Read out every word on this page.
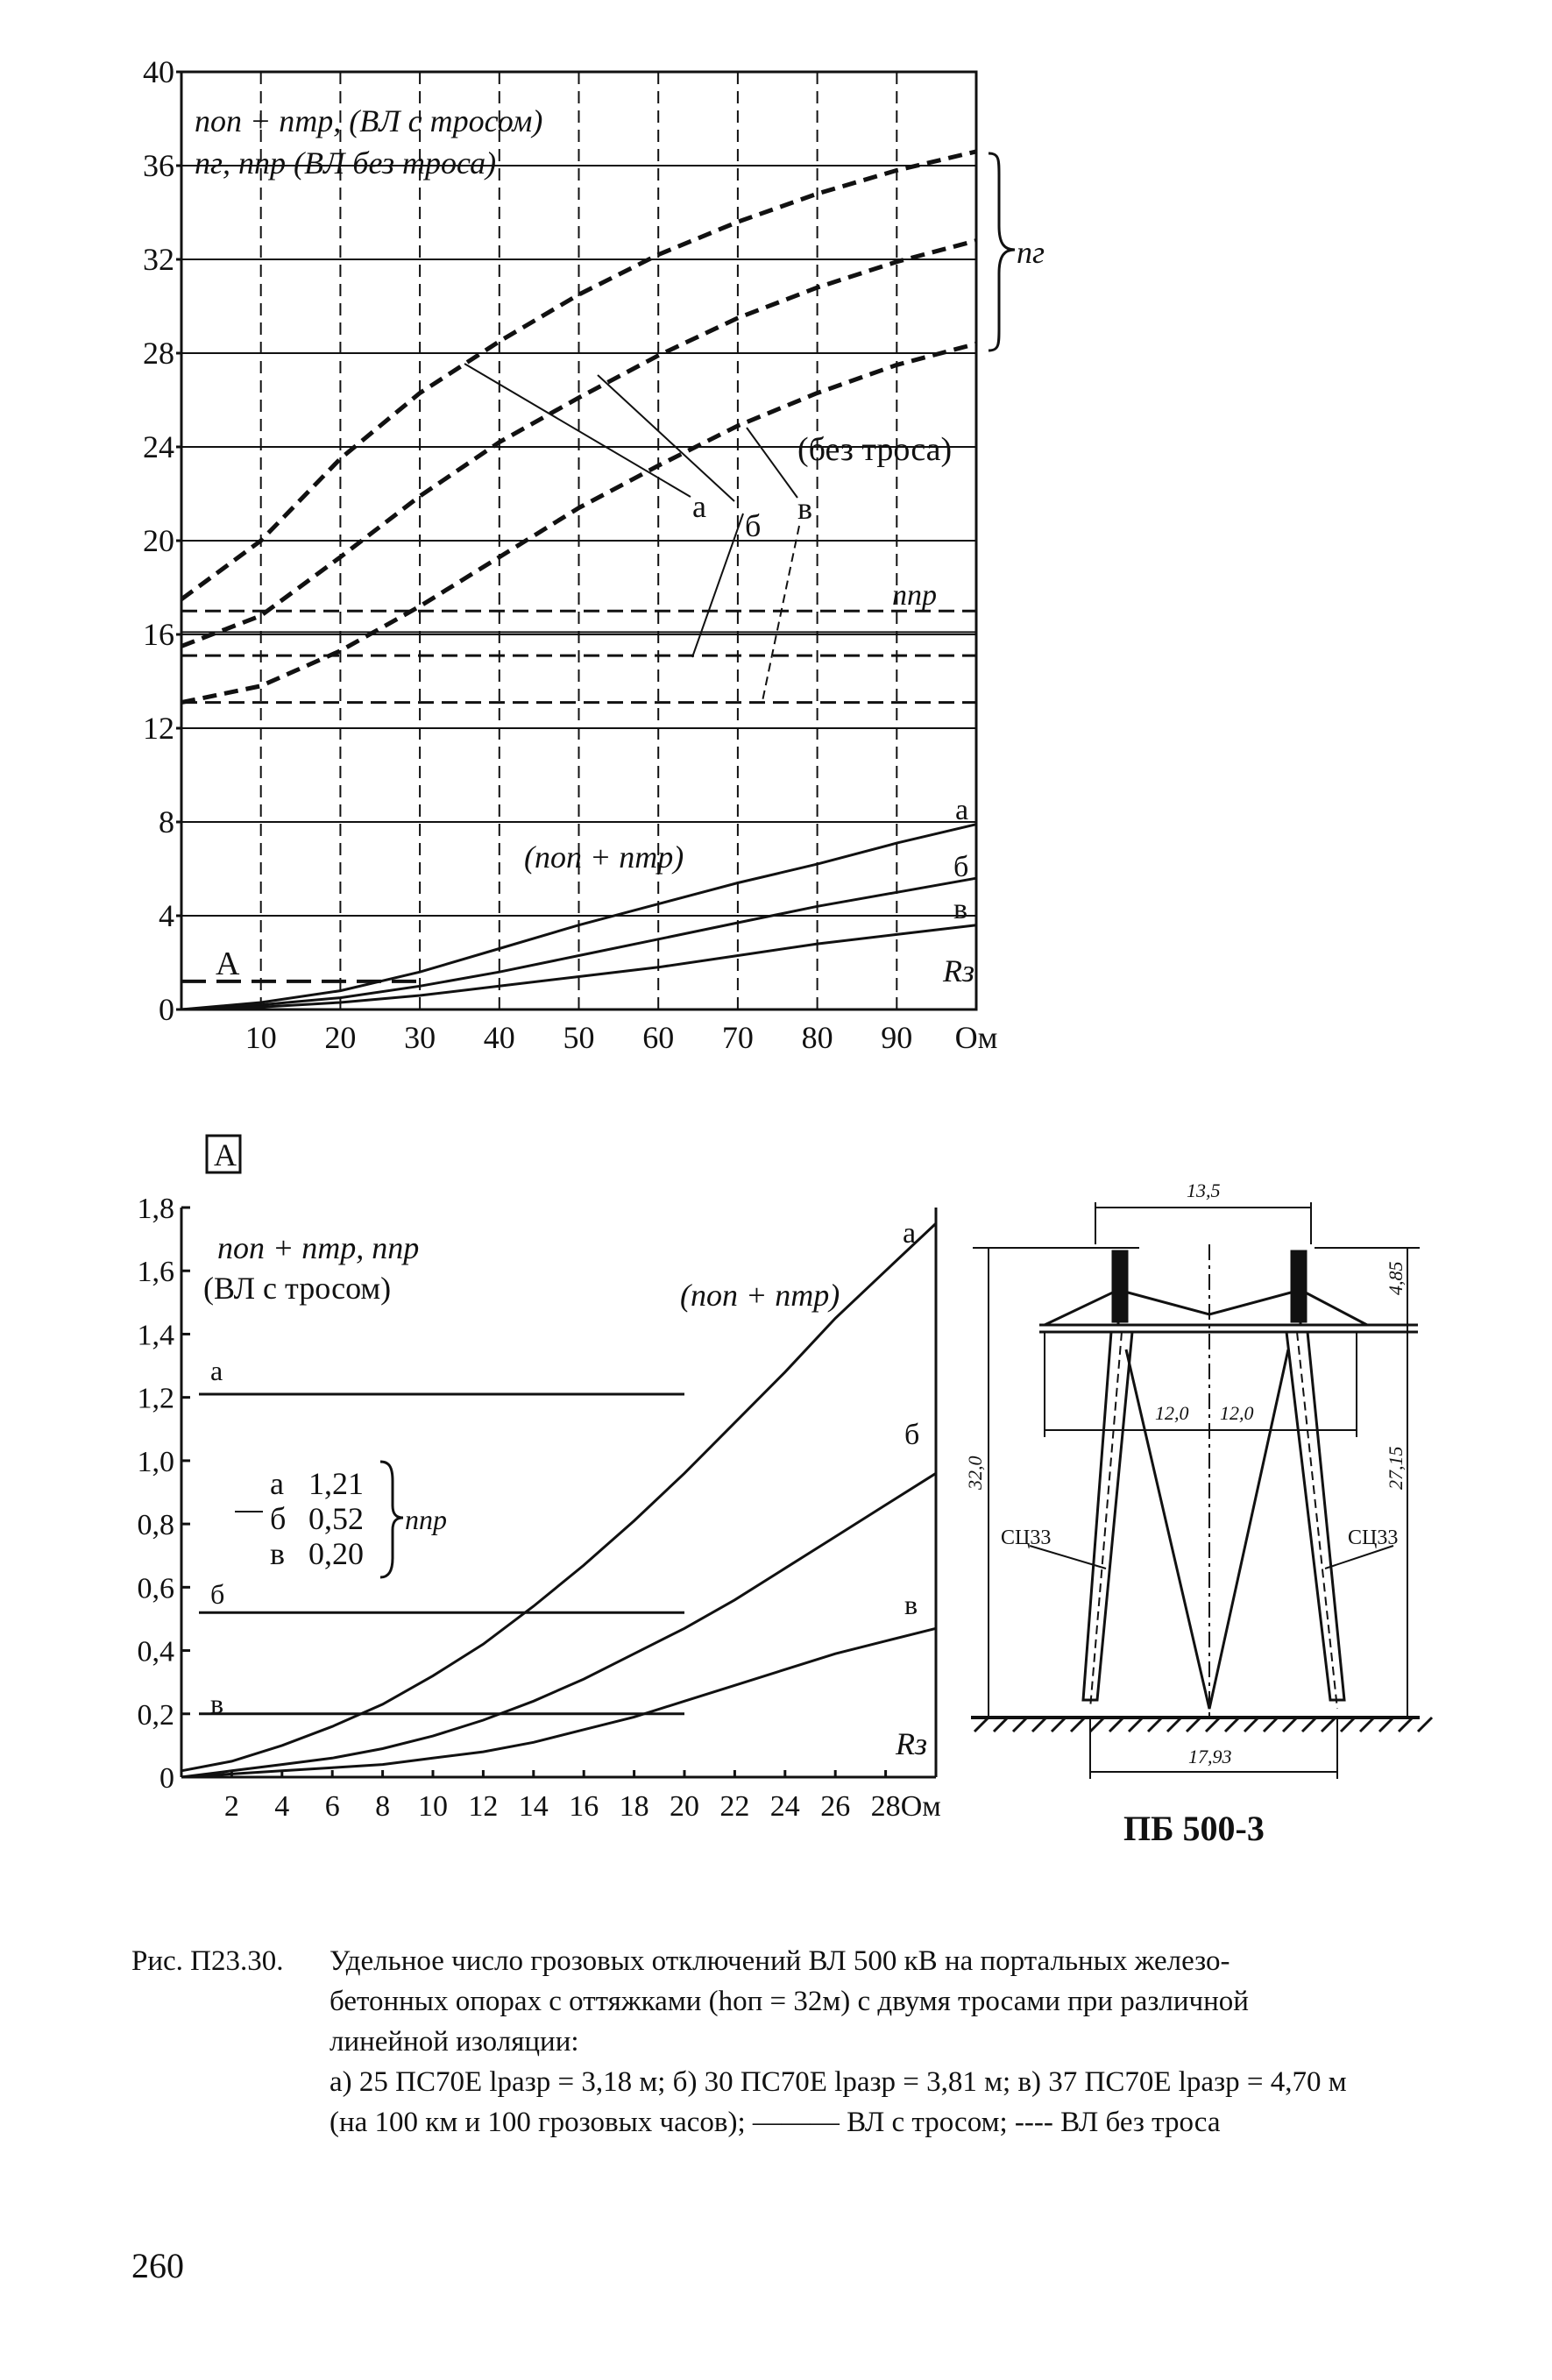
0
4
8
12
16
20
24
28
32
36
40
10 20 30 40 50 60 70 80 90 Ом
nоп + nтр, (ВЛ с тросом)
nг, nпр (ВЛ без троса)
nг
(без троса)
nпр
(nоп + nтр)
а
б в
а
б
в
Rз
A
A
0
0,2
0,4
0,6
0,8
1,0
1,2
1,4
1,6
1,8
2 4 6 8 10 12 14 16 18 20 22 24 26 28 Ом
nоп + nтр, nпр
(ВЛ с тросом)	(nоп + nтр)
а 1,21
б 0,52
в 0,20
nпр
а
б
в
а
б
в
Rз
13,5
12,0 12,0
17,93
СЦ33	СЦ33
32,0
4,85
27,15
ПБ 500-3
Рис. П23.30. Удельное число грозовых отключений ВЛ 500 кВ на портальных железо-
бетонных опорах с оттяжками (hоп = 32м) с двумя тросами при различной
линейной изоляции:
а) 25 ПС70Е lразр = 3,18 м; б) 30 ПС70Е lразр = 3,81 м; в) 37 ПС70Е lразр = 4,70 м
(на 100 км и 100 грозовых часов); ——— ВЛ с тросом; ---- ВЛ без троса
260
